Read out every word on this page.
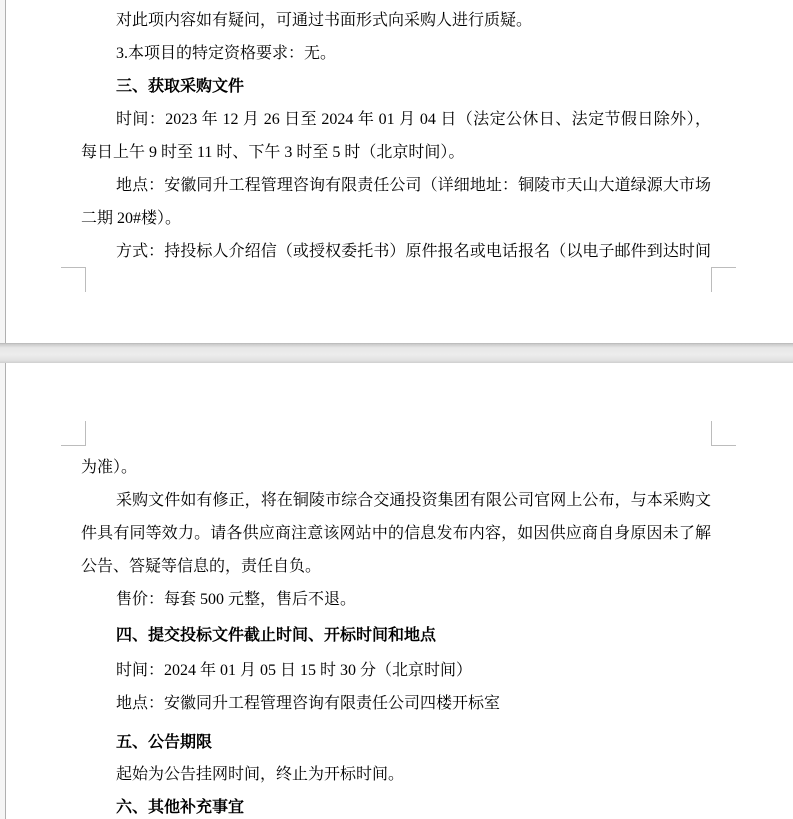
对此项内容如有疑问，可通过书面形式向采购人进行质疑。
3.本项目的特定资格要求：无。
三、获取采购文件
时间：2023 年 12 月 26 日至 2024 年 01 月 04 日（法定公休日、法定节假日除外），
每日上午 9 时至 11 时、下午 3 时至 5 时（北京时间）。
地点：安徽同升工程管理咨询有限责任公司（详细地址：铜陵市天山大道绿源大市场
二期 20#楼）。
方式：持投标人介绍信（或授权委托书）原件报名或电话报名（以电子邮件到达时间
为准）。
采购文件如有修正，将在铜陵市综合交通投资集团有限公司官网上公布，与本采购文
件具有同等效力。请各供应商注意该网站中的信息发布内容，如因供应商自身原因未了解
公告、答疑等信息的，责任自负。
售价：每套 500 元整，售后不退。
四、提交投标文件截止时间、开标时间和地点
时间：2024 年 01 月 05 日 15 时 30 分（北京时间）
地点：安徽同升工程管理咨询有限责任公司四楼开标室
五、公告期限
起始为公告挂网时间，终止为开标时间。
六、其他补充事宜
